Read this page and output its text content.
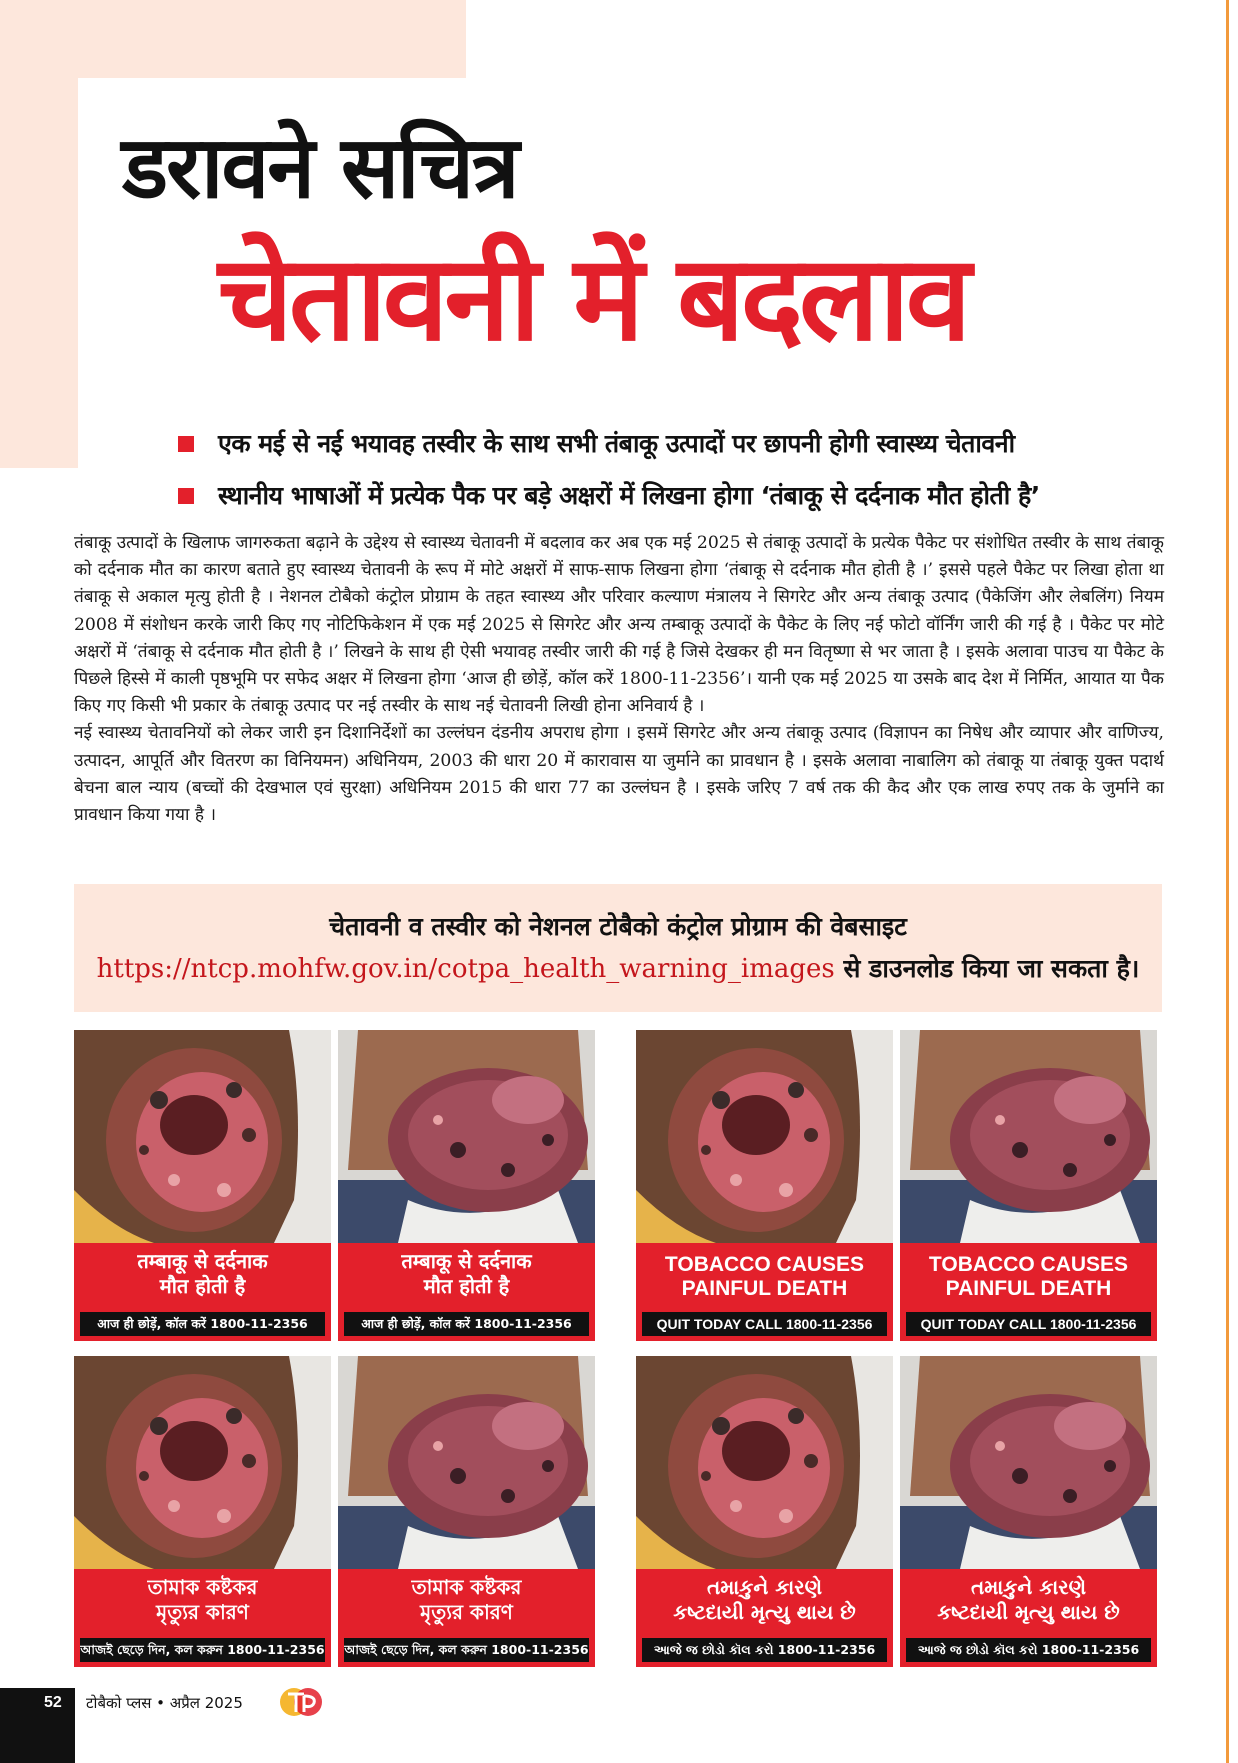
डरावने सचित्र
चेतावनी में बदलाव
एक मई से नई भयावह तस्वीर के साथ सभी तंबाकू उत्पादों पर छापनी होगी स्वास्थ्य चेतावनी
स्थानीय भाषाओं में प्रत्येक पैक पर बड़े अक्षरों में लिखना होगा ‘तंबाकू से दर्दनाक मौत होती है’

तंबाकू उत्पादों के खिलाफ जागरुकता बढ़ाने के उद्देश्य से स्वास्थ्य चेतावनी में बदलाव कर अब एक मई 2025 से तंबाकू उत्पादों के प्रत्येक पैकेट पर संशोधित तस्वीर के साथ तंबाकू को दर्दनाक मौत का कारण बताते हुए स्वास्थ्य चेतावनी के रूप में मोटे अक्षरों में साफ-साफ लिखना होगा ‘तंबाकू से दर्दनाक मौत होती है ।’ इससे पहले पैकेट पर लिखा होता था तंबाकू से अकाल मृत्यु होती है । नेशनल टोबैको कंट्रोल प्रोग्राम के तहत स्वास्थ्य और परिवार कल्याण मंत्रालय ने सिगरेट और अन्य तंबाकू उत्पाद (पैकेजिंग और लेबलिंग) नियम 2008 में संशोधन करके जारी किए गए नोटिफिकेशन में एक मई 2025 से सिगरेट और अन्य तम्बाकू उत्पादों के पैकेट के लिए नई फोटो वॉर्निंग जारी की गई है । पैकेट पर मोटे अक्षरों में ‘तंबाकू से दर्दनाक मौत होती है ।’ लिखने के साथ ही ऐसी भयावह तस्वीर जारी की गई है जिसे देखकर ही मन वितृष्णा से भर जाता है । इसके अलावा पाउच या पैकेट के पिछले हिस्से में काली पृष्ठभूमि पर सफेद अक्षर में लिखना होगा ‘आज ही छोड़ें, कॉल करें 1800-11-2356’। यानी एक मई 2025 या उसके बाद देश में निर्मित, आयात या पैक किए गए किसी भी प्रकार के तंबाकू उत्पाद पर नई तस्वीर के साथ नई चेतावनी लिखी होना अनिवार्य है ।

नई स्वास्थ्य चेतावनियों को लेकर जारी इन दिशानिर्देशों का उल्लंघन दंडनीय अपराध होगा । इसमें सिगरेट और अन्य तंबाकू उत्पाद (विज्ञापन का निषेध और व्यापार और वाणिज्य, उत्पादन, आपूर्ति और वितरण का विनियमन) अधिनियम, 2003 की धारा 20 में कारावास या जुर्माने का प्रावधान है । इसके अलावा नाबालिग को तंबाकू या तंबाकू युक्त पदार्थ बेचना बाल न्याय (बच्चों की देखभाल एवं सुरक्षा) अधिनियम 2015 की धारा 77 का उल्लंघन है । इसके जरिए 7 वर्ष तक की कैद और एक लाख रुपए तक के जुर्माने का प्रावधान किया गया है ।

चेतावनी व तस्वीर को नेशनल टोबैको कंट्रोल प्रोग्राम की वेबसाइट

https://ntcp.mohfw.gov.in/cotpa_health_warning_images से डाउनलोड किया जा सकता है।

तम्बाकू से दर्दनाक
मौत होती है
आज ही छोड़ें, कॉल करें 1800-11-2356
तम्बाकू से दर्दनाक
मौत होती है
आज ही छोड़ें, कॉल करें 1800-11-2356
TOBACCO CAUSES
PAINFUL DEATH
QUIT TODAY CALL 1800-11-2356
TOBACCO CAUSES
PAINFUL DEATH
QUIT TODAY CALL 1800-11-2356
তামাক কষ্টকর
মৃত্যুর কারণ
আজই ছেড়ে দিন, কল করুন 1800-11-2356
তামাক কষ্টকর
মৃত্যুর কারণ
আজই ছেড়ে দিন, কল করুন 1800-11-2356
તમાકુને કારણે
કષ્ટદાયી મૃત્યુ થાય છે
આજે જ છોડો કૉલ કરો 1800-11-2356
તમાકુને કારણે
કષ્ટદાયી મૃત્યુ થાય છે
આજે જ છોડો કૉલ કરો 1800-11-2356
52 टोबैको प्लस • अप्रैल 2025
